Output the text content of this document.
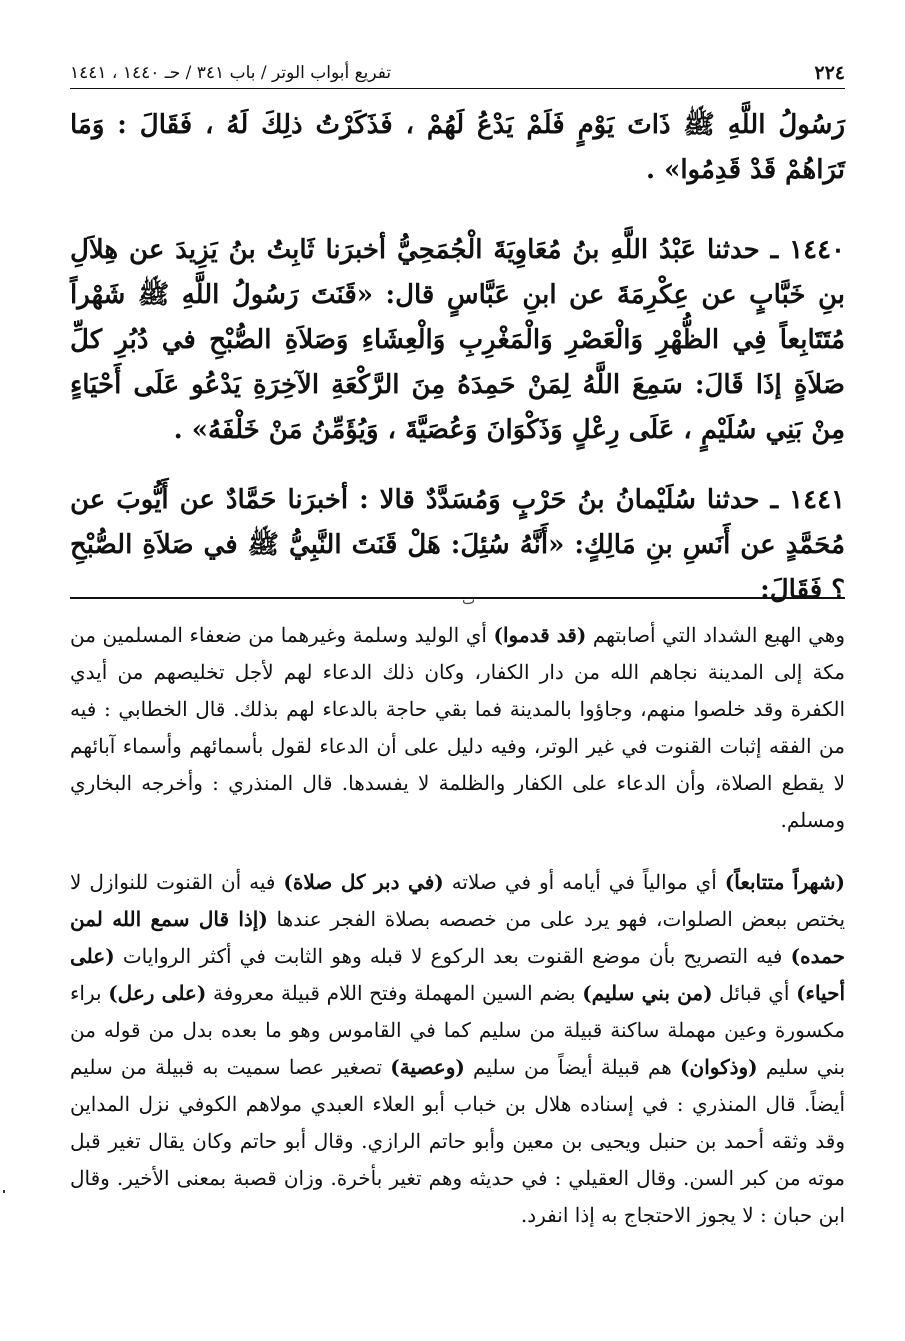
٢٢٤
تفريع أبواب الوتر / باب ٣٤١ / حـ ١٤٤٠ ، ١٤٤١

رَسُولُ اللَّهِ ﷺ ذَاتَ يَوْمٍ فَلَمْ يَدْعُ لَهُمْ ، فَذَكَرْتُ ذلِكَ لَهُ ، فَقَالَ : وَمَا تَرَاهُمْ قَدْ قَدِمُوا» .

١٤٤٠ ـ حدثنا عَبْدُ اللَّهِ بنُ مُعَاوِيَةَ الْجُمَحِيُّ أخبرَنا ثَابِتُ بنُ يَزِيدَ عن هِلاَلِ بنِ خَبَّابٍ عن عِكْرِمَةَ عن ابنِ عَبَّاسٍ قال: «قَنَتَ رَسُولُ اللَّهِ ﷺ شَهْراً مُتَتَابِعاً فِي الظُّهْرِ وَالْعَصْرِ وَالْمَغْرِبِ وَالْعِشَاءِ وَصَلاَةِ الصُّبْحِ في دُبُرِ كلِّ صَلاَةٍ إذَا قَالَ: سَمِعَ اللَّهُ لِمَنْ حَمِدَهُ مِنَ الرَّكْعَةِ الآخِرَةِ يَدْعُو عَلَى أَحْيَاءٍ مِنْ بَنِي سُلَيْمٍ ، عَلَى رِعْلٍ وَذَكْوَانَ وَعُصَيَّةَ ، وَيُؤَمِّنُ مَنْ خَلْفَهُ» .

١٤٤١ ـ حدثنا سُلَيْمانُ بنُ حَرْبٍ وَمُسَدَّدٌ قالا : أخبرَنا حَمَّادٌ عن أَيُّوبَ عن مُحَمَّدٍ عن أَنَسِ بنِ مَالِكٍ: «أَنَّهُ سُئِلَ: هَلْ قَنَتَ النَّبِيُّ ﷺ في صَلاَةِ الصُّبْحِ ؟ فَقَالَ:

ٮ

وهي الهبع الشداد التي أصابتهم (قد قدموا) أي الوليد وسلمة وغيرهما من ضعفاء المسلمين من مكة إلى المدينة نجاهم الله من دار الكفار، وكان ذلك الدعاء لهم لأجل تخليصهم من أيدي الكفرة وقد خلصوا منهم، وجاؤوا بالمدينة فما بقي حاجة بالدعاء لهم بذلك. قال الخطابي : فيه من الفقه إثبات القنوت في غير الوتر، وفيه دليل على أن الدعاء لقول بأسمائهم وأسماء آبائهم لا يقطع الصلاة، وأن الدعاء على الكفار والظلمة لا يفسدها. قال المنذري : وأخرجه البخاري ومسلم.

(شهراً متتابعاً) أي موالياً في أيامه أو في صلاته (في دبر كل صلاة) فيه أن القنوت للنوازل لا يختص ببعض الصلوات، فهو يرد على من خصصه بصلاة الفجر عندها (إذا قال سمع الله لمن حمده) فيه التصريح بأن موضع القنوت بعد الركوع لا قبله وهو الثابت في أكثر الروايات (على أحياء) أي قبائل (من بني سليم) بضم السين المهملة وفتح اللام قبيلة معروفة (على رعل) براء مكسورة وعين مهملة ساكنة قبيلة من سليم كما في القاموس وهو ما بعده بدل من قوله من بني سليم (وذكوان) هم قبيلة أيضاً من سليم (وعصية) تصغير عصا سميت به قبيلة من سليم أيضاً. قال المنذري : في إسناده هلال بن خباب أبو العلاء العبدي مولاهم الكوفي نزل المداين وقد وثقه أحمد بن حنبل ويحيى بن معين وأبو حاتم الرازي. وقال أبو حاتم وكان يقال تغير قبل موته من كبر السن. وقال العقيلي : في حديثه وهم تغير بأخرة. وزان قصبة بمعنى الأخير. وقال ابن حبان : لا يجوز الاحتجاج به إذا انفرد.
